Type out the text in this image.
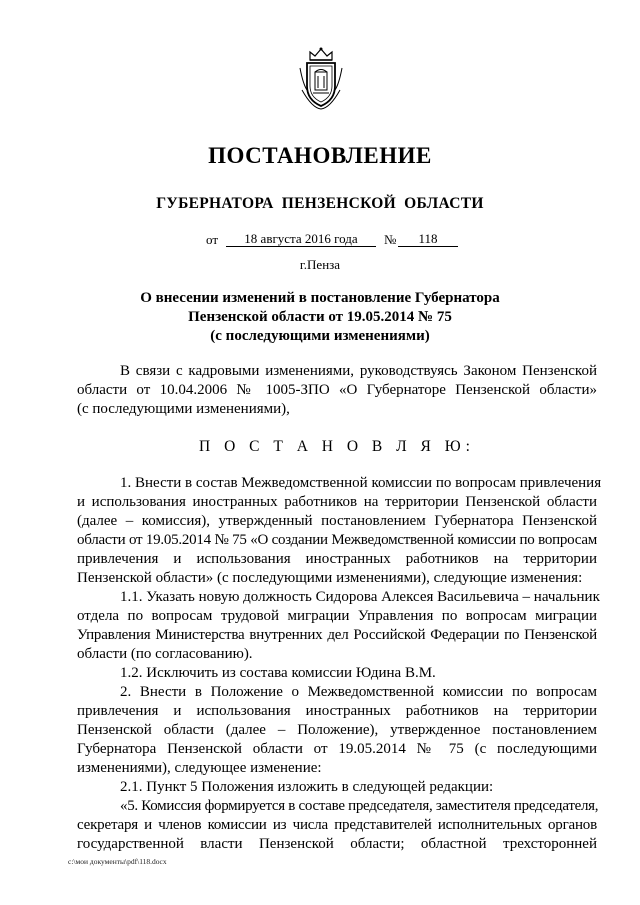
ПОСТАНОВЛЕНИЕ
ГУБЕРНАТОРА ПЕНЗЕНСКОЙ ОБЛАСТИ
от	18 августа 2016 года	№	118
г.Пенза
О внесении изменений в постановление Губернатора
Пензенской области от 19.05.2014 № 75
(с последующими изменениями)
В связи с кадровыми изменениями, руководствуясь Законом Пензенской
области от 10.04.2006 № 1005-ЗПО «О Губернаторе Пензенской области»
(с последующими изменениями),
П О С Т А Н О В Л Я Ю:
1. Внести в состав Межведомственной комиссии по вопросам привлечения
и использования иностранных работников на территории Пензенской области
(далее – комиссия), утвержденный постановлением Губернатора Пензенской
области от 19.05.2014 № 75 «О создании Межведомственной комиссии по вопросам
привлечения и использования иностранных работников на территории
Пензенской области» (с последующими изменениями), следующие изменения:
1.1. Указать новую должность Сидорова Алексея Васильевича – начальник
отдела по вопросам трудовой миграции Управления по вопросам миграции
Управления Министерства внутренних дел Российской Федерации по Пензенской
области (по согласованию).
1.2. Исключить из состава комиссии Юдина В.М.
2. Внести в Положение о Межведомственной комиссии по вопросам
привлечения и использования иностранных работников на территории
Пензенской области (далее – Положение), утвержденное постановлением
Губернатора Пензенской области от 19.05.2014 № 75 (с последующими
изменениями), следующее изменение:
2.1. Пункт 5 Положения изложить в следующей редакции:
«5. Комиссия формируется в составе председателя, заместителя председателя,
секретаря и членов комиссии из числа представителей исполнительных органов
государственной власти Пензенской области; областной трехсторонней
c:\мои документы\pdf\118.docx
